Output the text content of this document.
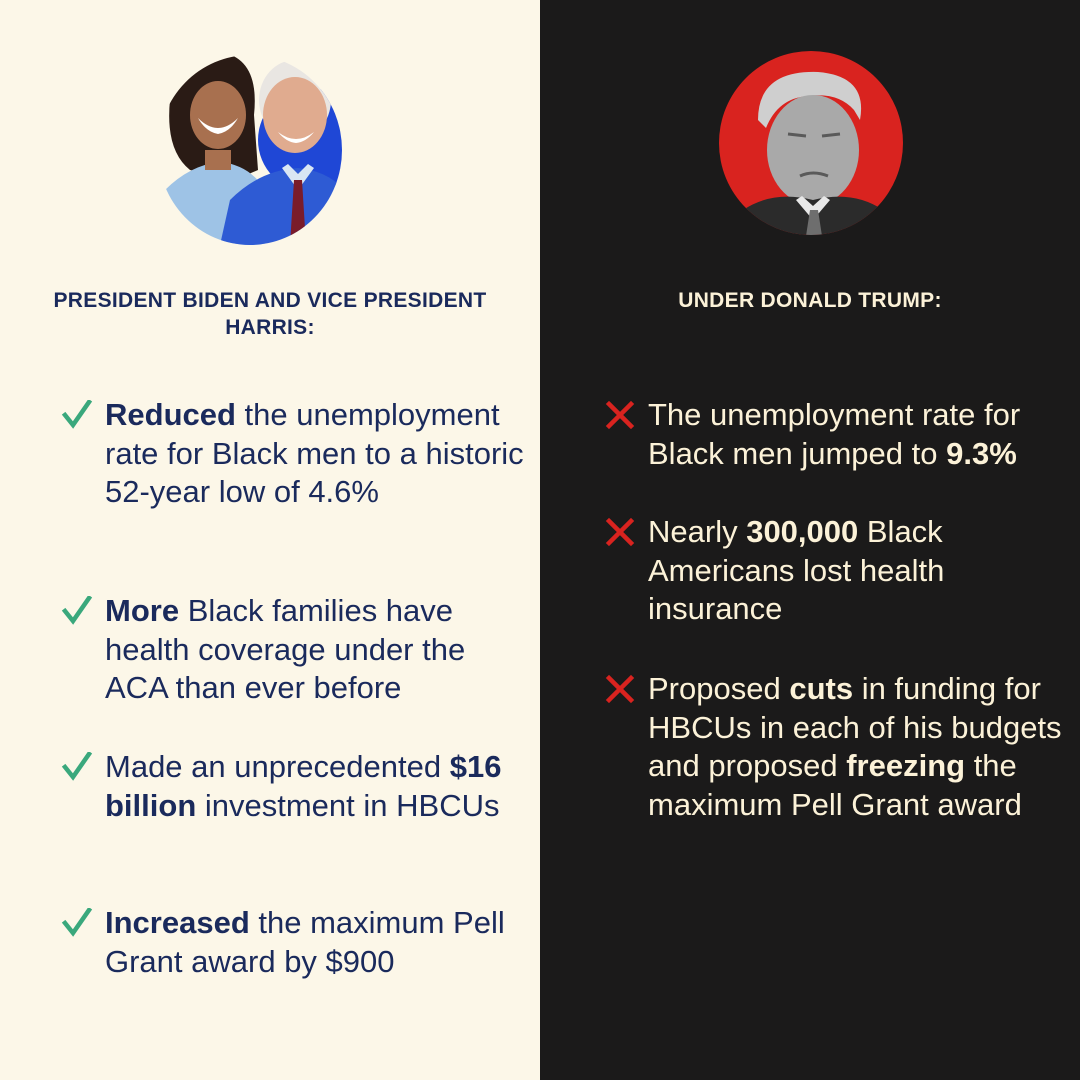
PRESIDENT BIDEN AND VICE PRESIDENT HARRIS:
Reduced the unemployment rate for Black men to a historic 52-year low of 4.6%
More Black families have health coverage under the ACA than ever before
Made an unprecedented $16 billion investment in HBCUs
Increased the maximum Pell Grant award by $900
UNDER DONALD TRUMP:
The unemployment rate for Black men jumped to 9.3%
Nearly 300,000 Black Americans lost health insurance
Proposed cuts in funding for HBCUs in each of his budgets and proposed freezing the maximum Pell Grant award
